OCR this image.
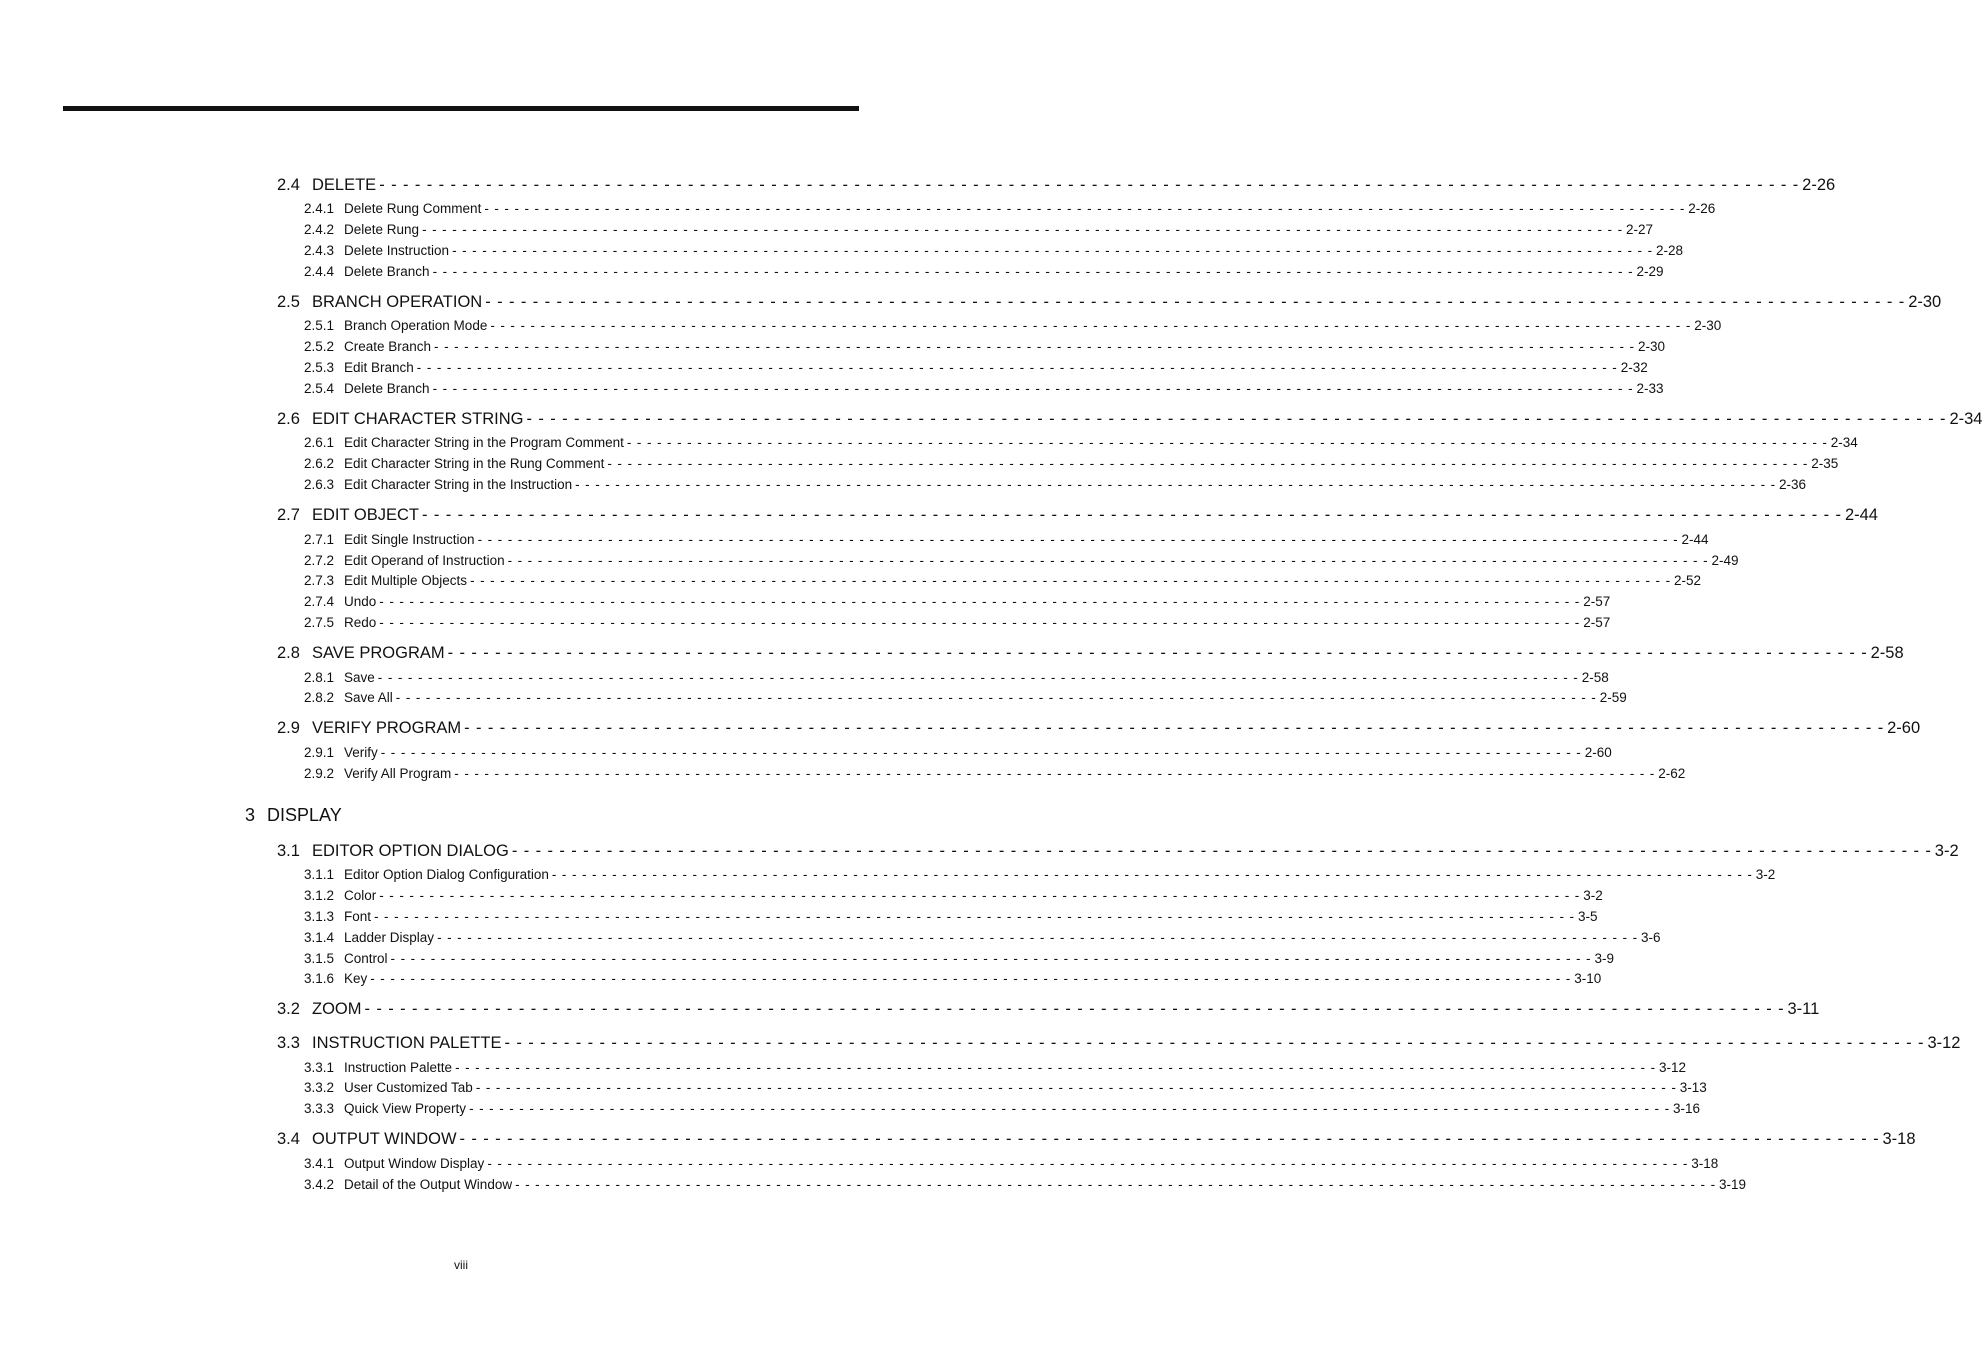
2.4 DELETE - - - - - - - - - - - - - - - - - - - - - - - - - - - - - - - - - - - - - - - - - - - - - - - - - - - - - - - - - - - - - - - - - - - - - - - - - - - - - - - - - - - - - - - - - - - - - - - - - - - - - - - - - - - - - - - - - - - - - - - - 2-26
2.4.1 Delete Rung Comment - - - - - - - - - - - - - - - - - - - - - - - - - - - - - - - - - - - - - - - - - - - - - - - - - - - - - - - - - - - - - - - - - - - - - - - - - - - - - - - - - - - - - - - - - - - - - - - - - - - - - - - - - - - - - - - - - - - - - - - - 2-26
2.4.2 Delete Rung - - - - - - - - - - - - - - - - - - - - - - - - - - - - - - - - - - - - - - - - - - - - - - - - - - - - - - - - - - - - - - - - - - - - - - - - - - - - - - - - - - - - - - - - - - - - - - - - - - - - - - - - - - - - - - - - - - - - - - - - 2-27
2.4.3 Delete Instruction - - - - - - - - - - - - - - - - - - - - - - - - - - - - - - - - - - - - - - - - - - - - - - - - - - - - - - - - - - - - - - - - - - - - - - - - - - - - - - - - - - - - - - - - - - - - - - - - - - - - - - - - - - - - - - - - - - - - - - - - 2-28
2.4.4 Delete Branch - - - - - - - - - - - - - - - - - - - - - - - - - - - - - - - - - - - - - - - - - - - - - - - - - - - - - - - - - - - - - - - - - - - - - - - - - - - - - - - - - - - - - - - - - - - - - - - - - - - - - - - - - - - - - - - - - - - - - - - - 2-29
2.5 BRANCH OPERATION - - - - - - - - - - - - - - - - - - - - - - - - - - - - - - - - - - - - - - - - - - - - - - - - - - - - - - - - - - - - - - - - - - - - - - - - - - - - - - - - - - - - - - - - - - - - - - - - - - - - - - - - - - - - - - - - - - - - - - - - 2-30
2.5.1 Branch Operation Mode - - - - - - - - - - - - - - - - - - - - - - - - - - - - - - - - - - - - - - - - - - - - - - - - - - - - - - - - - - - - - - - - - - - - - - - - - - - - - - - - - - - - - - - - - - - - - - - - - - - - - - - - - - - - - - - - - - - - - - - - 2-30
2.5.2 Create Branch - - - - - - - - - - - - - - - - - - - - - - - - - - - - - - - - - - - - - - - - - - - - - - - - - - - - - - - - - - - - - - - - - - - - - - - - - - - - - - - - - - - - - - - - - - - - - - - - - - - - - - - - - - - - - - - - - - - - - - - - 2-30
2.5.3 Edit Branch - - - - - - - - - - - - - - - - - - - - - - - - - - - - - - - - - - - - - - - - - - - - - - - - - - - - - - - - - - - - - - - - - - - - - - - - - - - - - - - - - - - - - - - - - - - - - - - - - - - - - - - - - - - - - - - - - - - - - - - - 2-32
2.5.4 Delete Branch - - - - - - - - - - - - - - - - - - - - - - - - - - - - - - - - - - - - - - - - - - - - - - - - - - - - - - - - - - - - - - - - - - - - - - - - - - - - - - - - - - - - - - - - - - - - - - - - - - - - - - - - - - - - - - - - - - - - - - - - 2-33
2.6 EDIT CHARACTER STRING - - - - - - - - - - - - - - - - - - - - - - - - - - - - - - - - - - - - - - - - - - - - - - - - - - - - - - - - - - - - - - - - - - - - - - - - - - - - - - - - - - - - - - - - - - - - - - - - - - - - - - - - - - - - - - - - - - - - - - - - 2-34
2.6.1 Edit Character String in the Program Comment - - - - - - - - - - - - - - - - - - - - - - - - - - - - - - - - - - - - - - - - - - - - - - - - - - - - - - - - - - - - - - - - - - - - - - - - - - - - - - - - - - - - - - - - - - - - - - - - - - - - - - - - - - - - - - - - - - - - - - - - 2-34
2.6.2 Edit Character String in the Rung Comment - - - - - - - - - - - - - - - - - - - - - - - - - - - - - - - - - - - - - - - - - - - - - - - - - - - - - - - - - - - - - - - - - - - - - - - - - - - - - - - - - - - - - - - - - - - - - - - - - - - - - - - - - - - - - - - - - - - - - - - - 2-35
2.6.3 Edit Character String in the Instruction - - - - - - - - - - - - - - - - - - - - - - - - - - - - - - - - - - - - - - - - - - - - - - - - - - - - - - - - - - - - - - - - - - - - - - - - - - - - - - - - - - - - - - - - - - - - - - - - - - - - - - - - - - - - - - - - - - - - - - - - 2-36
2.7 EDIT OBJECT - - - - - - - - - - - - - - - - - - - - - - - - - - - - - - - - - - - - - - - - - - - - - - - - - - - - - - - - - - - - - - - - - - - - - - - - - - - - - - - - - - - - - - - - - - - - - - - - - - - - - - - - - - - - - - - - - - - - - - - - 2-44
2.7.1 Edit Single Instruction - - - - - - - - - - - - - - - - - - - - - - - - - - - - - - - - - - - - - - - - - - - - - - - - - - - - - - - - - - - - - - - - - - - - - - - - - - - - - - - - - - - - - - - - - - - - - - - - - - - - - - - - - - - - - - - - - - - - - - - - 2-44
2.7.2 Edit Operand of Instruction - - - - - - - - - - - - - - - - - - - - - - - - - - - - - - - - - - - - - - - - - - - - - - - - - - - - - - - - - - - - - - - - - - - - - - - - - - - - - - - - - - - - - - - - - - - - - - - - - - - - - - - - - - - - - - - - - - - - - - - - 2-49
2.7.3 Edit Multiple Objects - - - - - - - - - - - - - - - - - - - - - - - - - - - - - - - - - - - - - - - - - - - - - - - - - - - - - - - - - - - - - - - - - - - - - - - - - - - - - - - - - - - - - - - - - - - - - - - - - - - - - - - - - - - - - - - - - - - - - - - - 2-52
2.7.4 Undo - - - - - - - - - - - - - - - - - - - - - - - - - - - - - - - - - - - - - - - - - - - - - - - - - - - - - - - - - - - - - - - - - - - - - - - - - - - - - - - - - - - - - - - - - - - - - - - - - - - - - - - - - - - - - - - - - - - - - - - - 2-57
2.7.5 Redo - - - - - - - - - - - - - - - - - - - - - - - - - - - - - - - - - - - - - - - - - - - - - - - - - - - - - - - - - - - - - - - - - - - - - - - - - - - - - - - - - - - - - - - - - - - - - - - - - - - - - - - - - - - - - - - - - - - - - - - - 2-57
2.8 SAVE PROGRAM - - - - - - - - - - - - - - - - - - - - - - - - - - - - - - - - - - - - - - - - - - - - - - - - - - - - - - - - - - - - - - - - - - - - - - - - - - - - - - - - - - - - - - - - - - - - - - - - - - - - - - - - - - - - - - - - - - - - - - - - 2-58
2.8.1 Save - - - - - - - - - - - - - - - - - - - - - - - - - - - - - - - - - - - - - - - - - - - - - - - - - - - - - - - - - - - - - - - - - - - - - - - - - - - - - - - - - - - - - - - - - - - - - - - - - - - - - - - - - - - - - - - - - - - - - - - - 2-58
2.8.2 Save All - - - - - - - - - - - - - - - - - - - - - - - - - - - - - - - - - - - - - - - - - - - - - - - - - - - - - - - - - - - - - - - - - - - - - - - - - - - - - - - - - - - - - - - - - - - - - - - - - - - - - - - - - - - - - - - - - - - - - - - - 2-59
2.9 VERIFY PROGRAM - - - - - - - - - - - - - - - - - - - - - - - - - - - - - - - - - - - - - - - - - - - - - - - - - - - - - - - - - - - - - - - - - - - - - - - - - - - - - - - - - - - - - - - - - - - - - - - - - - - - - - - - - - - - - - - - - - - - - - - - 2-60
2.9.1 Verify - - - - - - - - - - - - - - - - - - - - - - - - - - - - - - - - - - - - - - - - - - - - - - - - - - - - - - - - - - - - - - - - - - - - - - - - - - - - - - - - - - - - - - - - - - - - - - - - - - - - - - - - - - - - - - - - - - - - - - - - 2-60
2.9.2 Verify All Program - - - - - - - - - - - - - - - - - - - - - - - - - - - - - - - - - - - - - - - - - - - - - - - - - - - - - - - - - - - - - - - - - - - - - - - - - - - - - - - - - - - - - - - - - - - - - - - - - - - - - - - - - - - - - - - - - - - - - - - - 2-62
3.1 EDITOR OPTION DIALOG - - - - - - - - - - - - - - - - - - - - - - - - - - - - - - - - - - - - - - - - - - - - - - - - - - - - - - - - - - - - - - - - - - - - - - - - - - - - - - - - - - - - - - - - - - - - - - - - - - - - - - - - - - - - - - - - - - - - - - - - 3-2
3.1.1 Editor Option Dialog Configuration - - - - - - - - - - - - - - - - - - - - - - - - - - - - - - - - - - - - - - - - - - - - - - - - - - - - - - - - - - - - - - - - - - - - - - - - - - - - - - - - - - - - - - - - - - - - - - - - - - - - - - - - - - - - - - - - - - - - - - - - 3-2
3.1.2 Color - - - - - - - - - - - - - - - - - - - - - - - - - - - - - - - - - - - - - - - - - - - - - - - - - - - - - - - - - - - - - - - - - - - - - - - - - - - - - - - - - - - - - - - - - - - - - - - - - - - - - - - - - - - - - - - - - - - - - - - - 3-2
3.1.3 Font - - - - - - - - - - - - - - - - - - - - - - - - - - - - - - - - - - - - - - - - - - - - - - - - - - - - - - - - - - - - - - - - - - - - - - - - - - - - - - - - - - - - - - - - - - - - - - - - - - - - - - - - - - - - - - - - - - - - - - - - 3-5
3.1.4 Ladder Display - - - - - - - - - - - - - - - - - - - - - - - - - - - - - - - - - - - - - - - - - - - - - - - - - - - - - - - - - - - - - - - - - - - - - - - - - - - - - - - - - - - - - - - - - - - - - - - - - - - - - - - - - - - - - - - - - - - - - - - - 3-6
3.1.5 Control - - - - - - - - - - - - - - - - - - - - - - - - - - - - - - - - - - - - - - - - - - - - - - - - - - - - - - - - - - - - - - - - - - - - - - - - - - - - - - - - - - - - - - - - - - - - - - - - - - - - - - - - - - - - - - - - - - - - - - - - 3-9
3.1.6 Key - - - - - - - - - - - - - - - - - - - - - - - - - - - - - - - - - - - - - - - - - - - - - - - - - - - - - - - - - - - - - - - - - - - - - - - - - - - - - - - - - - - - - - - - - - - - - - - - - - - - - - - - - - - - - - - - - - - - - - - - 3-10
3.2 ZOOM - - - - - - - - - - - - - - - - - - - - - - - - - - - - - - - - - - - - - - - - - - - - - - - - - - - - - - - - - - - - - - - - - - - - - - - - - - - - - - - - - - - - - - - - - - - - - - - - - - - - - - - - - - - - - - - - - - - - - - - - 3-11
3.3 INSTRUCTION PALETTE - - - - - - - - - - - - - - - - - - - - - - - - - - - - - - - - - - - - - - - - - - - - - - - - - - - - - - - - - - - - - - - - - - - - - - - - - - - - - - - - - - - - - - - - - - - - - - - - - - - - - - - - - - - - - - - - - - - - - - - - 3-12
3.3.1 Instruction Palette - - - - - - - - - - - - - - - - - - - - - - - - - - - - - - - - - - - - - - - - - - - - - - - - - - - - - - - - - - - - - - - - - - - - - - - - - - - - - - - - - - - - - - - - - - - - - - - - - - - - - - - - - - - - - - - - - - - - - - - - 3-12
3.3.2 User Customized Tab - - - - - - - - - - - - - - - - - - - - - - - - - - - - - - - - - - - - - - - - - - - - - - - - - - - - - - - - - - - - - - - - - - - - - - - - - - - - - - - - - - - - - - - - - - - - - - - - - - - - - - - - - - - - - - - - - - - - - - - - 3-13
3.3.3 Quick View Property - - - - - - - - - - - - - - - - - - - - - - - - - - - - - - - - - - - - - - - - - - - - - - - - - - - - - - - - - - - - - - - - - - - - - - - - - - - - - - - - - - - - - - - - - - - - - - - - - - - - - - - - - - - - - - - - - - - - - - - - 3-16
3.4 OUTPUT WINDOW - - - - - - - - - - - - - - - - - - - - - - - - - - - - - - - - - - - - - - - - - - - - - - - - - - - - - - - - - - - - - - - - - - - - - - - - - - - - - - - - - - - - - - - - - - - - - - - - - - - - - - - - - - - - - - - - - - - - - - - - 3-18
3.4.1 Output Window Display - - - - - - - - - - - - - - - - - - - - - - - - - - - - - - - - - - - - - - - - - - - - - - - - - - - - - - - - - - - - - - - - - - - - - - - - - - - - - - - - - - - - - - - - - - - - - - - - - - - - - - - - - - - - - - - - - - - - - - - - 3-18
3.4.2 Detail of the Output Window - - - - - - - - - - - - - - - - - - - - - - - - - - - - - - - - - - - - - - - - - - - - - - - - - - - - - - - - - - - - - - - - - - - - - - - - - - - - - - - - - - - - - - - - - - - - - - - - - - - - - - - - - - - - - - - - - - - - - - - - 3-19
3 DISPLAY
viii
